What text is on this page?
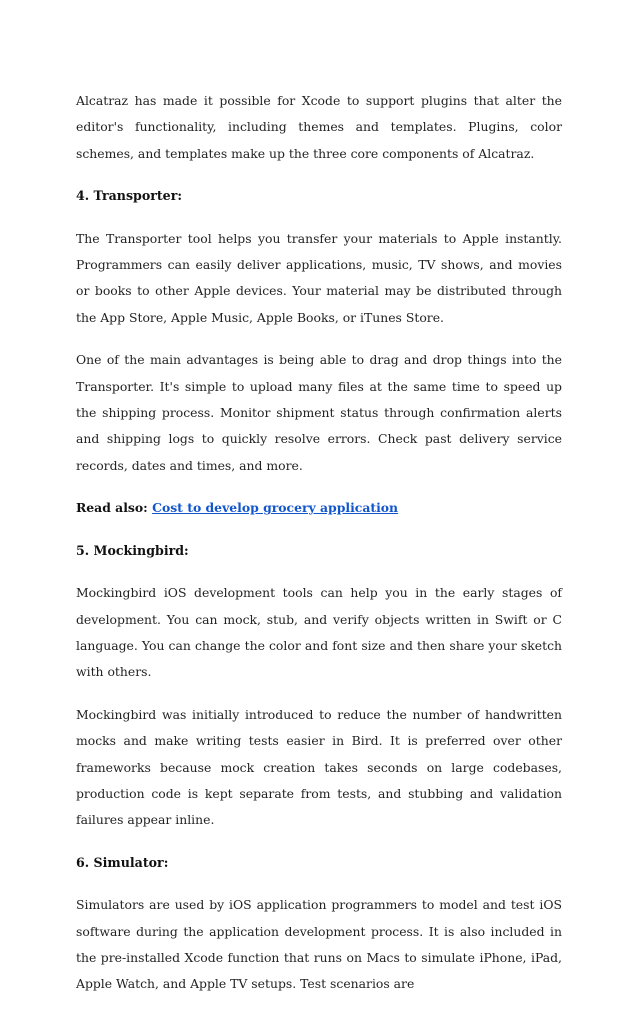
Alcatraz has made it possible for Xcode to support plugins that alter the editor's functionality, including themes and templates. Plugins, color schemes, and templates make up the three core components of Alcatraz.

4. Transporter:

The Transporter tool helps you transfer your materials to Apple instantly. Programmers can easily deliver applications, music, TV shows, and movies or books to other Apple devices. Your material may be distributed through the App Store, Apple Music, Apple Books, or iTunes Store.

One of the main advantages is being able to drag and drop things into the Transporter. It's simple to upload many files at the same time to speed up the shipping process. Monitor shipment status through confirmation alerts and shipping logs to quickly resolve errors. Check past delivery service records, dates and times, and more.

Read also: Cost to develop grocery application
5. Mockingbird:

Mockingbird iOS development tools can help you in the early stages of development. You can mock, stub, and verify objects written in Swift or C language. You can change the color and font size and then share your sketch with others.

Mockingbird was initially introduced to reduce the number of handwritten mocks and make writing tests easier in Bird. It is preferred over other frameworks because mock creation takes seconds on large codebases, production code is kept separate from tests, and stubbing and validation failures appear inline.

6. Simulator:

Simulators are used by iOS application programmers to model and test iOS software during the application development process. It is also included in the pre-installed Xcode function that runs on Macs to simulate iPhone, iPad, Apple Watch, and Apple TV setups. Test scenarios are
